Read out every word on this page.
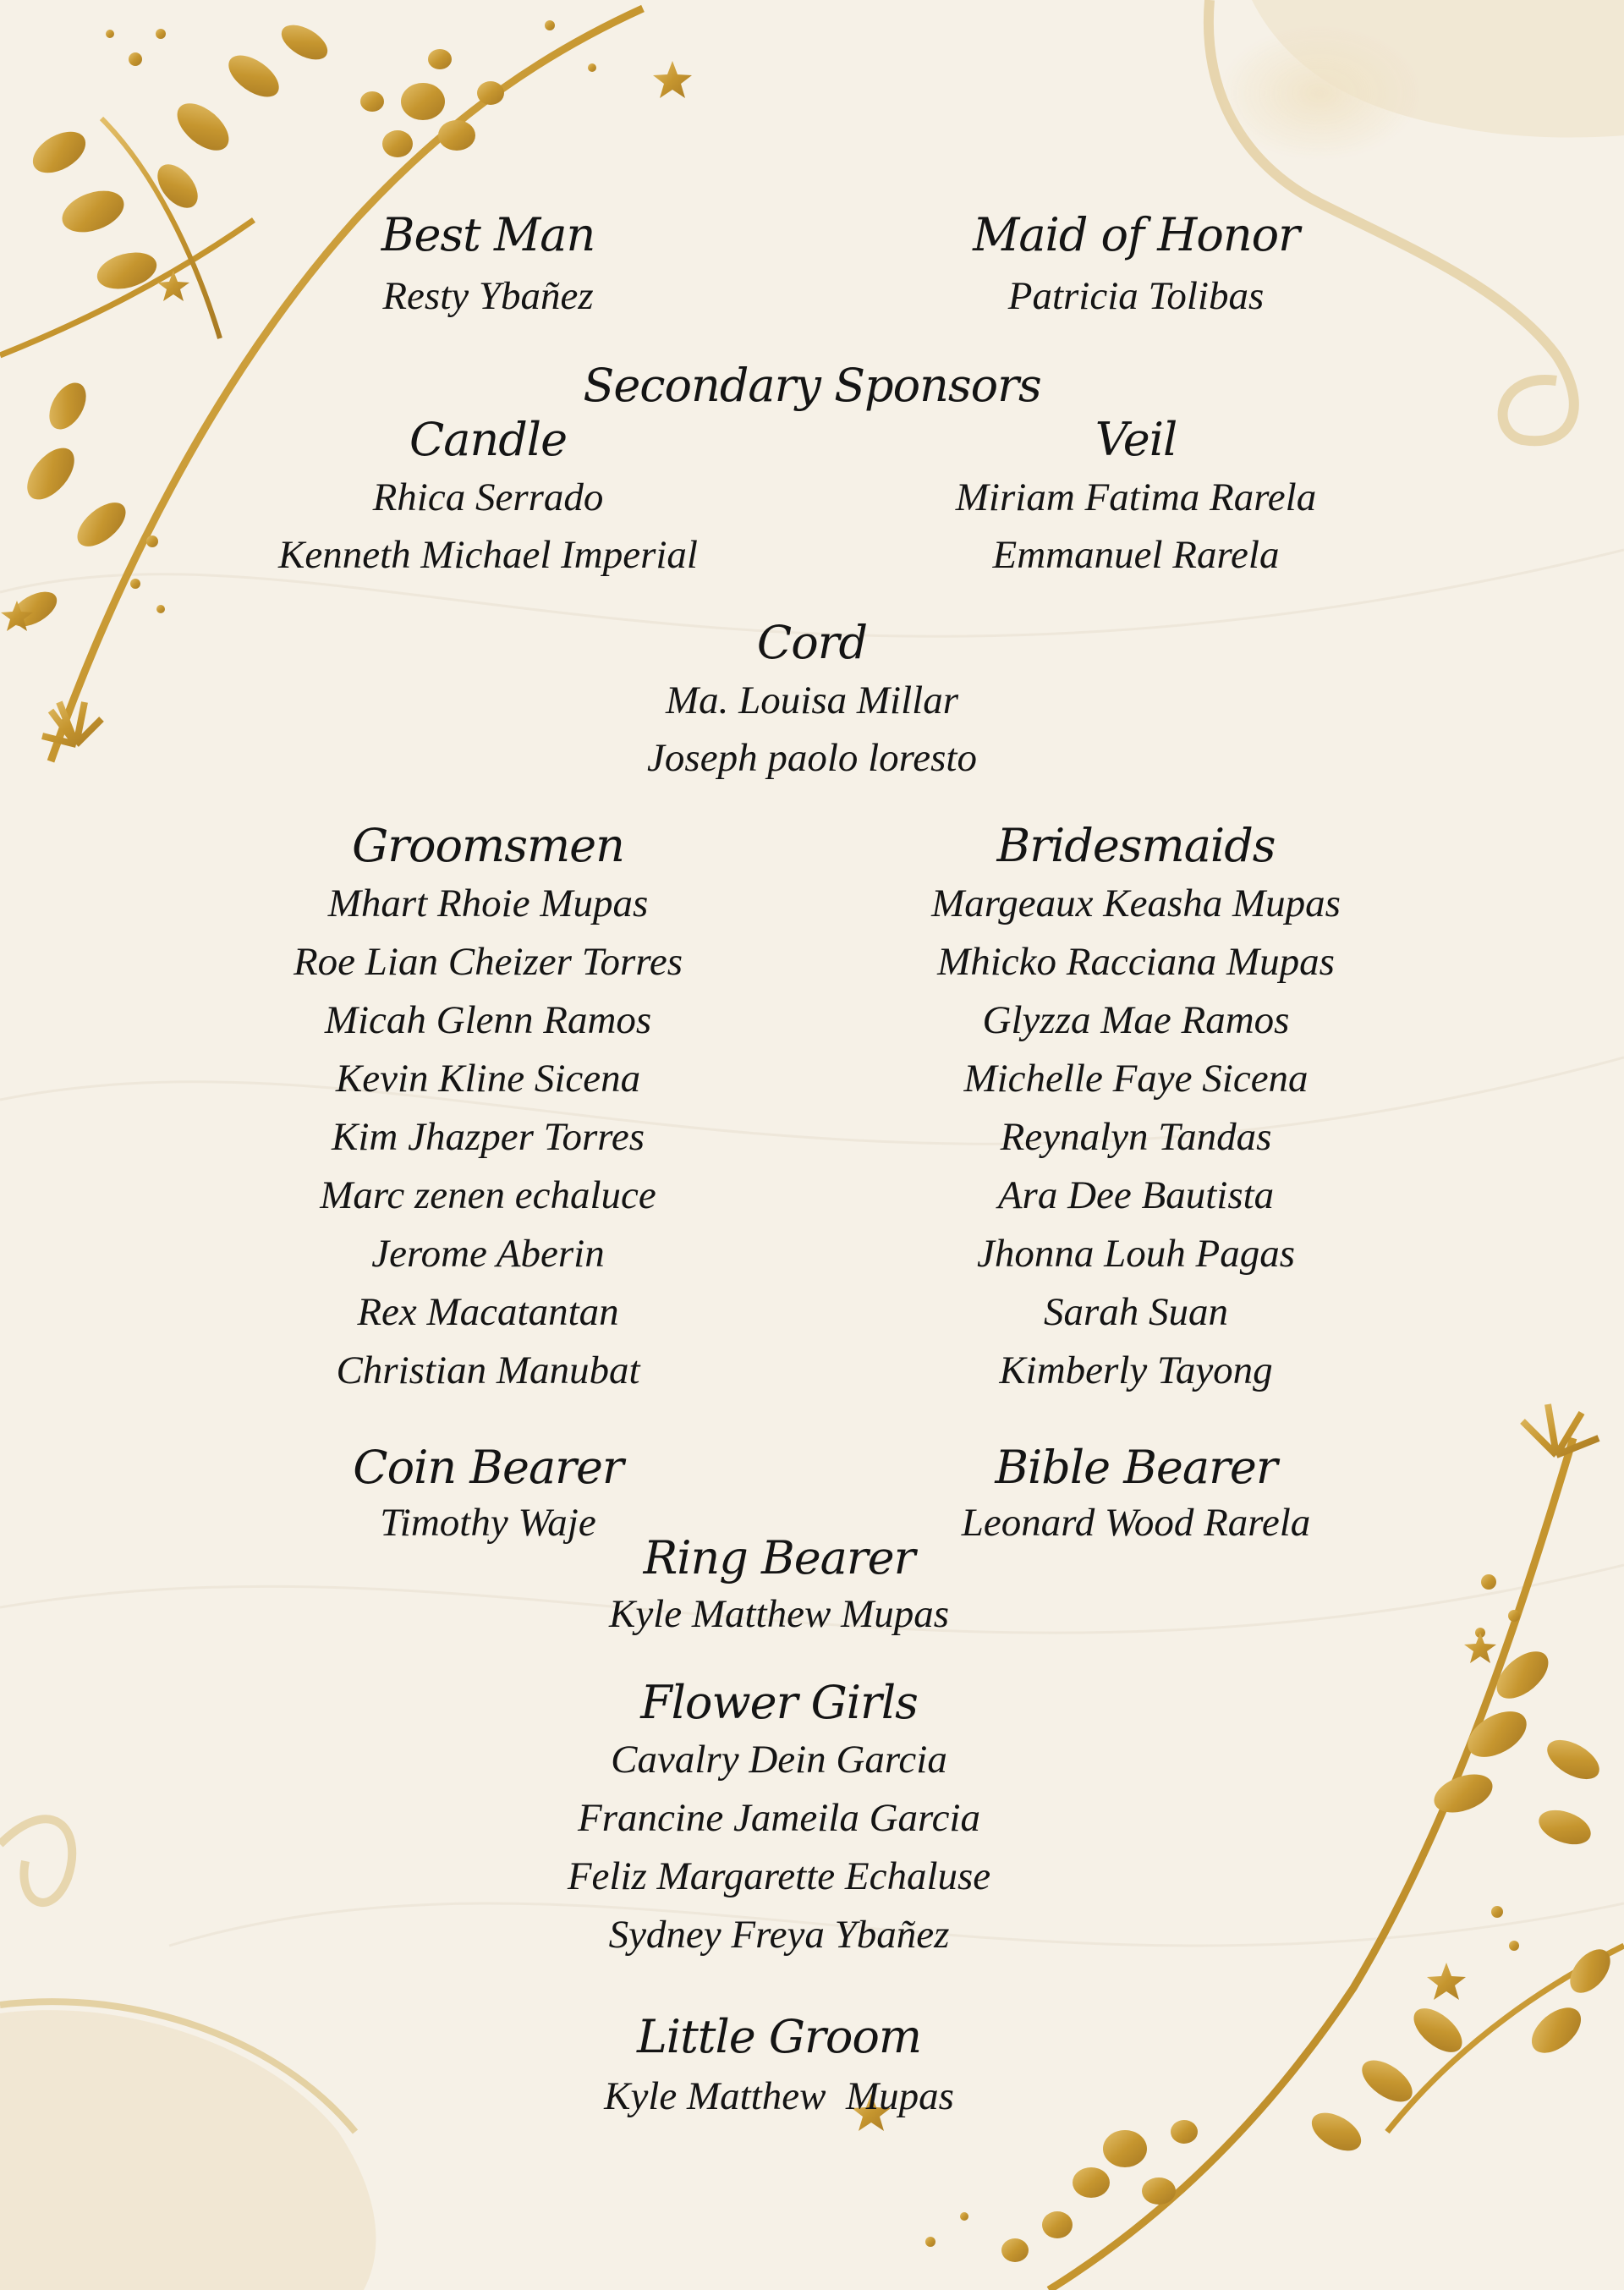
Best Man
Resty Ybañez
Maid of Honor
Patricia Tolibas
Secondary Sponsors
Candle
Rhica Serrado
Kenneth Michael Imperial
Veil
Miriam Fatima Rarela
Emmanuel Rarela
Cord
Ma. Louisa Millar
Joseph paolo loresto
Groomsmen
Mhart Rhoie Mupas
Roe Lian Cheizer Torres
Micah Glenn Ramos
Kevin Kline Sicena
Kim Jhazper Torres
Marc zenen echaluce
Jerome Aberin
Rex Macatantan
Christian Manubat
Bridesmaids
Margeaux Keasha Mupas
Mhicko Racciana Mupas
Glyzza Mae Ramos
Michelle Faye Sicena
Reynalyn Tandas
Ara Dee Bautista
Jhonna Louh Pagas
Sarah Suan
Kimberly Tayong
Coin Bearer
Timothy Waje
Bible Bearer
Leonard Wood Rarela
Ring Bearer
Kyle Matthew Mupas
Flower Girls
Cavalry Dein Garcia
Francine Jameila Garcia
Feliz Margarette Echaluse
Sydney Freya Ybañez
Little Groom
Kyle Matthew  Mupas
